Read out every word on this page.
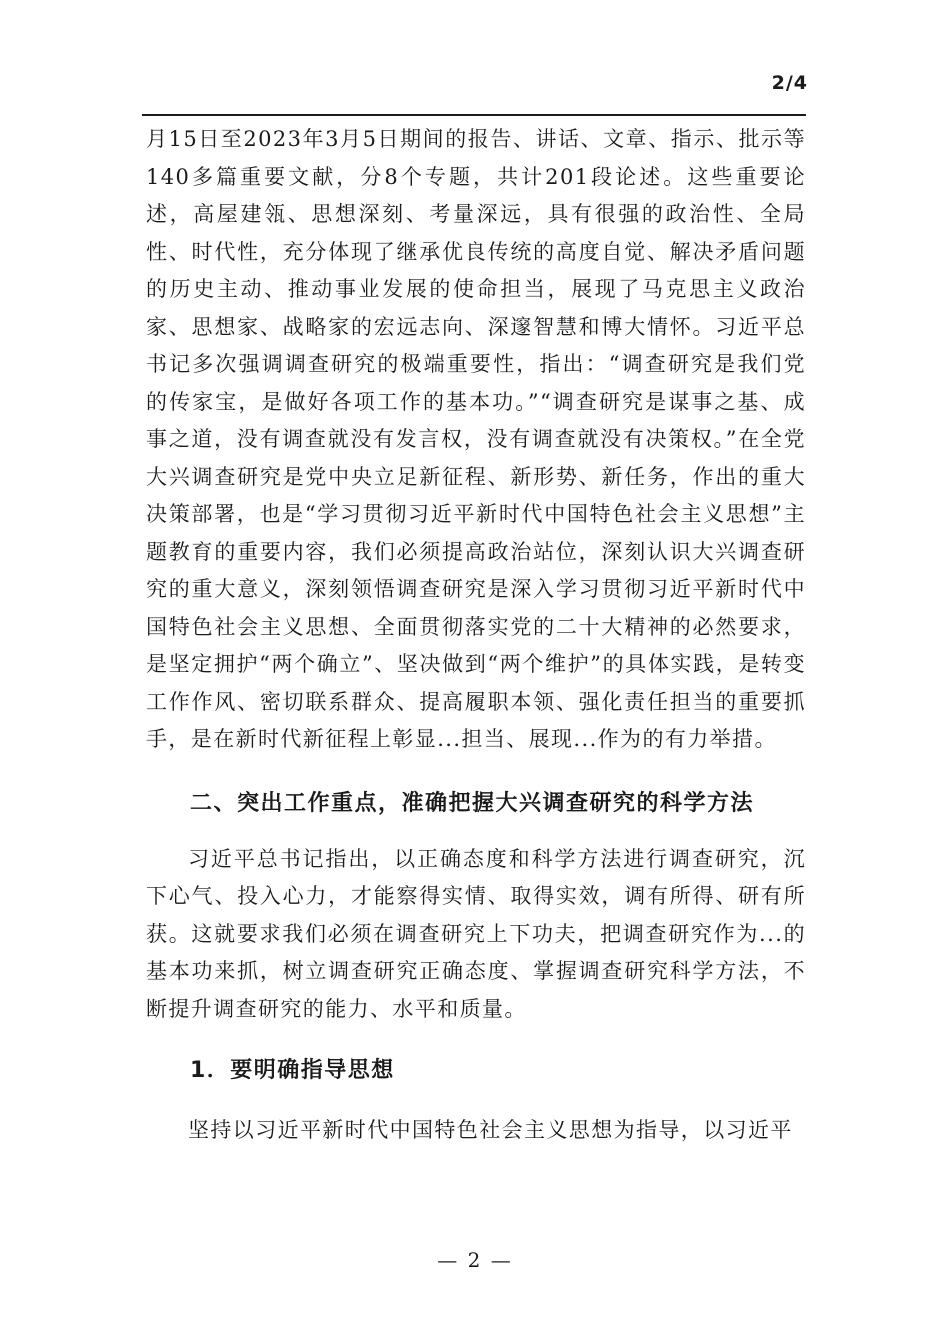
2/4

月15日至2023年3月5日期间的报告、讲话、文章、指示、批示等140多篇重要文献，分8个专题，共计201段论述。这些重要论述，高屋建瓴、思想深刻、考量深远，具有很强的政治性、全局性、时代性，充分体现了继承优良传统的高度自觉、解决矛盾问题的历史主动、推动事业发展的使命担当，展现了马克思主义政治家、思想家、战略家的宏远志向、深邃智慧和博大情怀。习近平总书记多次强调调查研究的极端重要性，指出：“调查研究是我们党的传家宝，是做好各项工作的基本功。”“调查研究是谋事之基、成事之道，没有调查就没有发言权，没有调查就没有决策权。”在全党大兴调查研究是党中央立足新征程、新形势、新任务，作出的重大决策部署，也是“学习贯彻习近平新时代中国特色社会主义思想”主题教育的重要内容，我们必须提高政治站位，深刻认识大兴调查研究的重大意义，深刻领悟调查研究是深入学习贯彻习近平新时代中国特色社会主义思想、全面贯彻落实党的二十大精神的必然要求，是坚定拥护“两个确立”、坚决做到“两个维护”的具体实践，是转变工作作风、密切联系群众、提高履职本领、强化责任担当的重要抓手，是在新时代新征程上彰显...担当、展现...作为的有力举措。

二、突出工作重点，准确把握大兴调查研究的科学方法

习近平总书记指出，以正确态度和科学方法进行调查研究，沉下心气、投入心力，才能察得实情、取得实效，调有所得、研有所获。这就要求我们必须在调查研究上下功夫，把调查研究作为...的基本功来抓，树立调查研究正确态度、掌握调查研究科学方法，不断提升调查研究的能力、水平和质量。

1．要明确指导思想

坚持以习近平新时代中国特色社会主义思想为指导，以习近平

— 2 —
